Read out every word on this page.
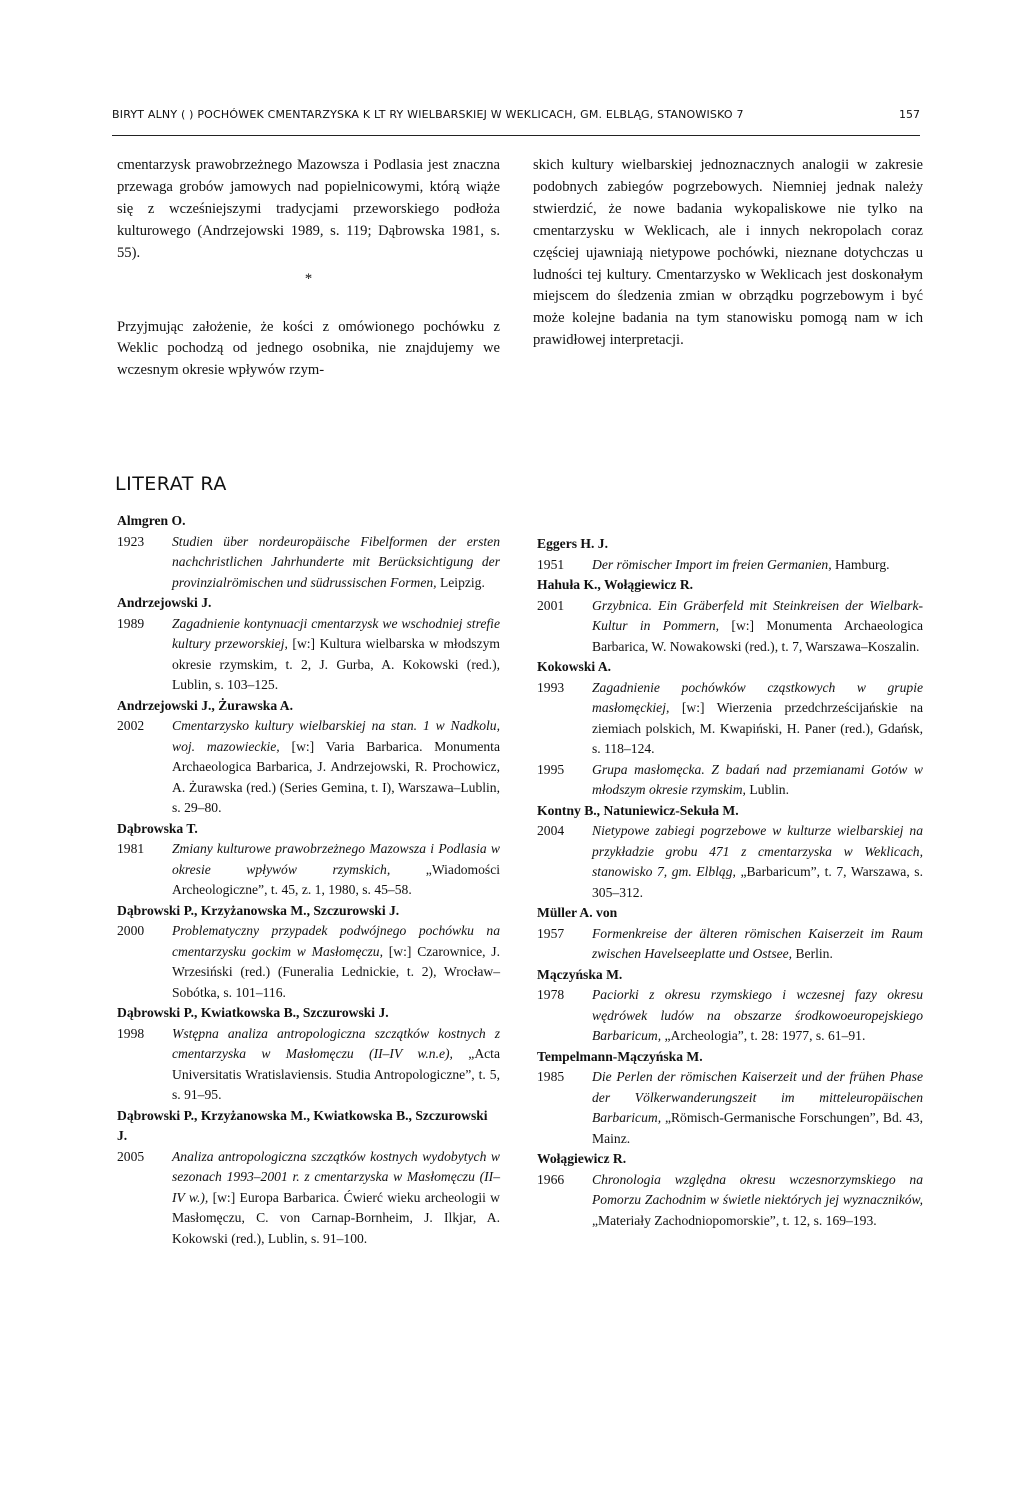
BIRYT ALNY ( ) POCHÓWEK CMENTARZYSKA K LT RY WIELBARSKIEJ W WEKLICACH, GM. ELBLĄG, STANOWISKO 7	157

cmentarzysk prawobrzeżnego Mazowsza i Podlasia jest znaczna przewaga grobów jamowych nad popielnicowymi, którą wiąże się z wcześniejszymi tradycjami przeworskiego podłoża kulturowego (Andrzejowski 1989, s. 119; Dąbrowska 1981, s. 55).

*

Przyjmując założenie, że kości z omówionego pochówku z Weklic pochodzą od jednego osobnika, nie znajdujemy we wczesnym okresie wpływów rzym-

skich kultury wielbarskiej jednoznacznych analogii w zakresie podobnych zabiegów pogrzebowych. Niemniej jednak należy stwierdzić, że nowe badania wykopaliskowe nie tylko na cmentarzysku w Weklicach, ale i innych nekropolach coraz częściej ujawniają nietypowe pochówki, nieznane dotychczas u ludności tej kultury. Cmentarzysko w Weklicach jest doskonałym miejscem do śledzenia zmian w obrządku pogrzebowym i być może kolejne badania na tym stanowisku pomogą nam w ich prawidłowej interpretacji.

LITERAT RA
Almgren O.
1923	Studien über nordeuropäische Fibelformen der ersten nachchristlichen Jahrhunderte mit Berücksichtigung der provinzialrömischen und südrussischen Formen, Leipzig.
Andrzejowski J.
1989	Zagadnienie kontynuacji cmentarzysk we wschodniej strefie kultury przeworskiej, [w:] Kultura wielbarska w młodszym okresie rzymskim, t. 2, J. Gurba, A. Kokowski (red.), Lublin, s. 103–125.
Andrzejowski J., Żurawska A.
2002	Cmentarzysko kultury wielbarskiej na stan. 1 w Nadkolu, woj. mazowieckie, [w:] Varia Barbarica. Monumenta Archaeologica Barbarica, J. Andrzejowski, R. Prochowicz, A. Żurawska (red.) (Series Gemina, t. I), Warszawa–Lublin, s. 29–80.
Dąbrowska T.
1981	Zmiany kulturowe prawobrzeżnego Mazowsza i Podlasia w okresie wpływów rzymskich, „Wiadomości Archeologiczne”, t. 45, z. 1, 1980, s. 45–58.
Dąbrowski P., Krzyżanowska M., Szczurowski J.
2000	Problematyczny przypadek podwójnego pochówku na cmentarzysku gockim w Masłomęczu, [w:] Czarownice, J. Wrzesiński (red.) (Funeralia Lednickie, t. 2), Wrocław–Sobótka, s. 101–116.
Dąbrowski P., Kwiatkowska B., Szczurowski J.
1998	Wstępna analiza antropologiczna szczątków kostnych z cmentarzyska w Masłomęczu (II–IV w.n.e), „Acta Universitatis Wratislaviensis. Studia Antropologiczne”, t. 5, s. 91–95.
Dąbrowski P., Krzyżanowska M., Kwiatkowska B., Szczurowski J.
2005	Analiza antropologiczna szczątków kostnych wydobytych w sezonach 1993–2001 r. z cmentarzyska w Masłomęczu (II–IV w.), [w:] Europa Barbarica. Ćwierć wieku archeologii w Masłomęczu, C. von Carnap-Bornheim, J. Ilkjar, A. Kokowski (red.), Lublin, s. 91–100.
Eggers H. J.
1951	Der römischer Import im freien Germanien, Hamburg.
Hahuła K., Wołągiewicz R.
2001	Grzybnica. Ein Gräberfeld mit Steinkreisen der Wielbark-Kultur in Pommern, [w:] Monumenta Archaeologica Barbarica, W. Nowakowski (red.), t. 7, Warszawa–Koszalin.
Kokowski A.
1993	Zagadnienie pochówków cząstkowych w grupie masłomęckiej, [w:] Wierzenia przedchrześcijańskie na ziemiach polskich, M. Kwapiński, H. Paner (red.), Gdańsk, s. 118–124.
1995	Grupa masłomęcka. Z badań nad przemianami Gotów w młodszym okresie rzymskim, Lublin.
Kontny B., Natuniewicz-Sekuła M.
2004	Nietypowe zabiegi pogrzebowe w kulturze wielbarskiej na przykładzie grobu 471 z cmentarzyska w Weklicach, stanowisko 7, gm. Elbląg, „Barbaricum”, t. 7, Warszawa, s. 305–312.
Müller A. von
1957	Formenkreise der älteren römischen Kaiserzeit im Raum zwischen Havelseeplatte und Ostsee, Berlin.
Mączyńska M.
1978	Paciorki z okresu rzymskiego i wczesnej fazy okresu wędrówek ludów na obszarze środkowoeuropejskiego Barbaricum, „Archeologia”, t. 28: 1977, s. 61–91.
Tempelmann-Mączyńska M.
1985	Die Perlen der römischen Kaiserzeit und der frühen Phase der Völkerwanderungszeit im mitteleuropäischen Barbaricum, „Römisch-Germanische Forschungen”, Bd. 43, Mainz.
Wołągiewicz R.
1966	Chronologia względna okresu wczesnorzymskiego na Pomorzu Zachodnim w świetle niektórych jej wyznaczników, „Materiały Zachodniopomorskie”, t. 12, s. 169–193.
